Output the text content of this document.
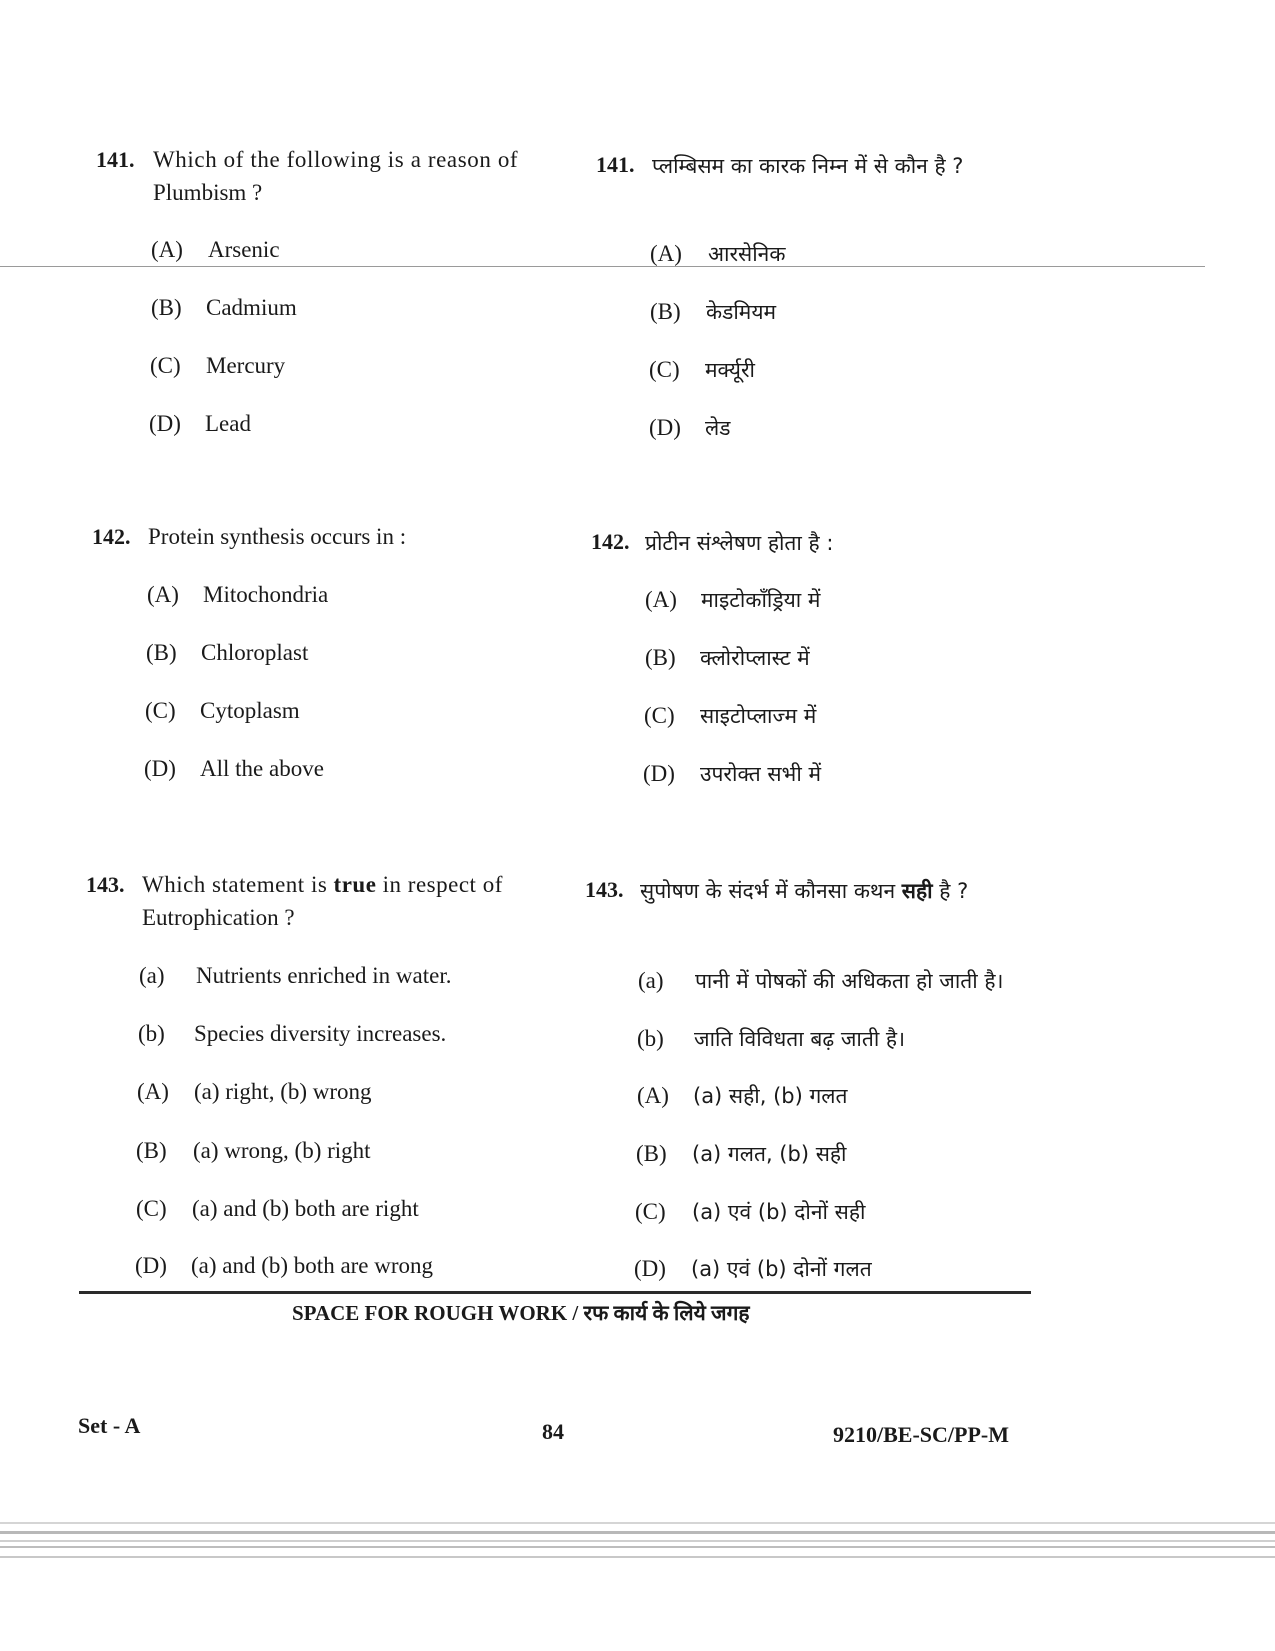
141. Which of the following is a reason of
Plumbism ?
141. प्लम्बिसम का कारक निम्न में से कौन है ?
(A) Arsenic
(B) Cadmium
(C) Mercury
(D) Lead
(A) आरसेनिक
(B) केडमियम
(C) मर्क्यूरी
(D) लेड
142. Protein synthesis occurs in :	142. प्रोटीन संश्लेषण होता है :
(A) Mitochondria
(B) Chloroplast
(C) Cytoplasm
(D) All the above
(A) माइटोकाँड्रिया में
(B) क्लोरोप्लास्ट में
(C) साइटोप्लाज्म में
(D) उपरोक्त सभी में
143. Which statement is true in respect of
Eutrophication ?
143. सुपोषण के संदर्भ में कौनसा कथन सही है ?
(a) Nutrients enriched in water.
(b) Species diversity increases.
(a) पानी में पोषकों की अधिकता हो जाती है।
(b) जाति विविधता बढ़ जाती है।
(A) (a) right, (b) wrong
(B) (a) wrong, (b) right
(C) (a) and (b) both are right
(D) (a) and (b) both are wrong
(A) (a) सही, (b) गलत
(B) (a) गलत, (b) सही
(C) (a) एवं (b) दोनों सही
(D) (a) एवं (b) दोनों गलत
SPACE FOR ROUGH WORK / रफ कार्य के लिये जगह
Set - A	84	9210/BE-SC/PP-M
